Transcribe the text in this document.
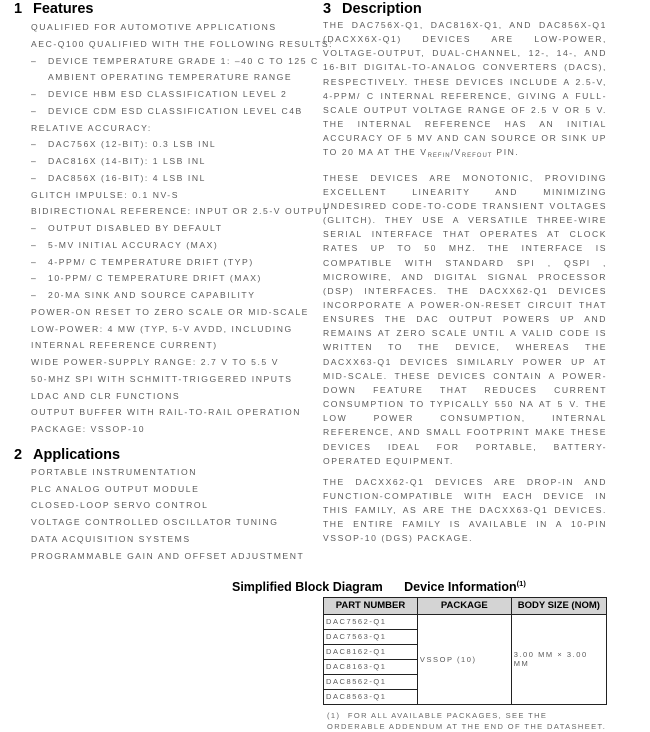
1 Features
QUALIFIED FOR AUTOMOTIVE APPLICATIONS
AEC-Q100 QUALIFIED WITH THE FOLLOWING RESULTS:
– DEVICE TEMPERATURE GRADE 1: –40 C TO 125 C
AMBIENT OPERATING TEMPERATURE RANGE
– DEVICE HBM ESD CLASSIFICATION LEVEL 2
– DEVICE CDM ESD CLASSIFICATION LEVEL C4B
RELATIVE ACCURACY:
– DAC756X (12-BIT): 0.3 LSB INL
– DAC816X (14-BIT): 1 LSB INL
– DAC856X (16-BIT): 4 LSB INL
GLITCH IMPULSE: 0.1 NV-S
BIDIRECTIONAL REFERENCE: INPUT OR 2.5-V OUTPUT
– OUTPUT DISABLED BY DEFAULT
– 5-MV INITIAL ACCURACY (MAX)
– 4-PPM/ C TEMPERATURE DRIFT (TYP)
– 10-PPM/ C TEMPERATURE DRIFT (MAX)
– 20-MA SINK AND SOURCE CAPABILITY
POWER-ON RESET TO ZERO SCALE OR MID-SCALE
LOW-POWER: 4 MW (TYP, 5-V AVDD, INCLUDING
INTERNAL REFERENCE CURRENT)
WIDE POWER-SUPPLY RANGE: 2.7 V TO 5.5 V
50-MHZ SPI WITH SCHMITT-TRIGGERED INPUTS
LDAC AND CLR FUNCTIONS
OUTPUT BUFFER WITH RAIL-TO-RAIL OPERATION
PACKAGE: VSSOP-10
2 Applications
PORTABLE INSTRUMENTATION
PLC ANALOG OUTPUT MODULE
CLOSED-LOOP SERVO CONTROL
VOLTAGE CONTROLLED OSCILLATOR TUNING
DATA ACQUISITION SYSTEMS
PROGRAMMABLE GAIN AND OFFSET ADJUSTMENT
3 Description

THE DAC756X-Q1, DAC816X-Q1, AND DAC856X-Q1 (DACXX6X-Q1) DEVICES ARE LOW-POWER, VOLTAGE-OUTPUT, DUAL-CHANNEL, 12-, 14-, AND 16-BIT DIGITAL-TO-ANALOG CONVERTERS (DACS), RESPECTIVELY. THESE DEVICES INCLUDE A 2.5-V, 4-PPM/ C INTERNAL REFERENCE, GIVING A FULL-SCALE OUTPUT VOLTAGE RANGE OF 2.5 V OR 5 V. THE INTERNAL REFERENCE HAS AN INITIAL ACCURACY OF 5 MV AND CAN SOURCE OR SINK UP TO 20 MA AT THE $V_{REFIN}/V_{REFOUT}$ PIN.

THESE DEVICES ARE MONOTONIC, PROVIDING EXCELLENT LINEARITY AND MINIMIZING UNDESIRED CODE-TO-CODE TRANSIENT VOLTAGES (GLITCH). THEY USE A VERSATILE THREE-WIRE SERIAL INTERFACE THAT OPERATES AT CLOCK RATES UP TO 50 MHZ. THE INTERFACE IS COMPATIBLE WITH STANDARD SPI , QSPI , MICROWIRE, AND DIGITAL SIGNAL PROCESSOR (DSP) INTERFACES. THE DACXX62-Q1 DEVICES INCORPORATE A POWER-ON-RESET CIRCUIT THAT ENSURES THE DAC OUTPUT POWERS UP AND REMAINS AT ZERO SCALE UNTIL A VALID CODE IS WRITTEN TO THE DEVICE, WHEREAS THE DACXX63-Q1 DEVICES SIMILARLY POWER UP AT MID-SCALE. THESE DEVICES CONTAIN A POWER-DOWN FEATURE THAT REDUCES CURRENT CONSUMPTION TO TYPICALLY 550 NA AT 5 V. THE LOW POWER CONSUMPTION, INTERNAL REFERENCE, AND SMALL FOOTPRINT MAKE THESE DEVICES IDEAL FOR PORTABLE, BATTERY-OPERATED EQUIPMENT.

THE DACXX62-Q1 DEVICES ARE DROP-IN AND FUNCTION-COMPATIBLE WITH EACH DEVICE IN THIS FAMILY, AS ARE THE DACXX63-Q1 DEVICES. THE ENTIRE FAMILY IS AVAILABLE IN A 10-PIN VSSOP-10 (DGS) PACKAGE.

Device Information$^{(1)}$
PART NUMBER	PACKAGE	BODY SIZE (NOM)
DAC7562-Q1	VSSOP (10)	3.00 MM × 3.00 MM
DAC7563-Q1		
DAC8162-Q1		
DAC8163-Q1		
DAC8562-Q1		
DAC8563-Q1		
(1) FOR ALL AVAILABLE PACKAGES, SEE THE ORDERABLE ADDENDUM AT THE END OF THE DATASHEET.
Simplified Block Diagram
